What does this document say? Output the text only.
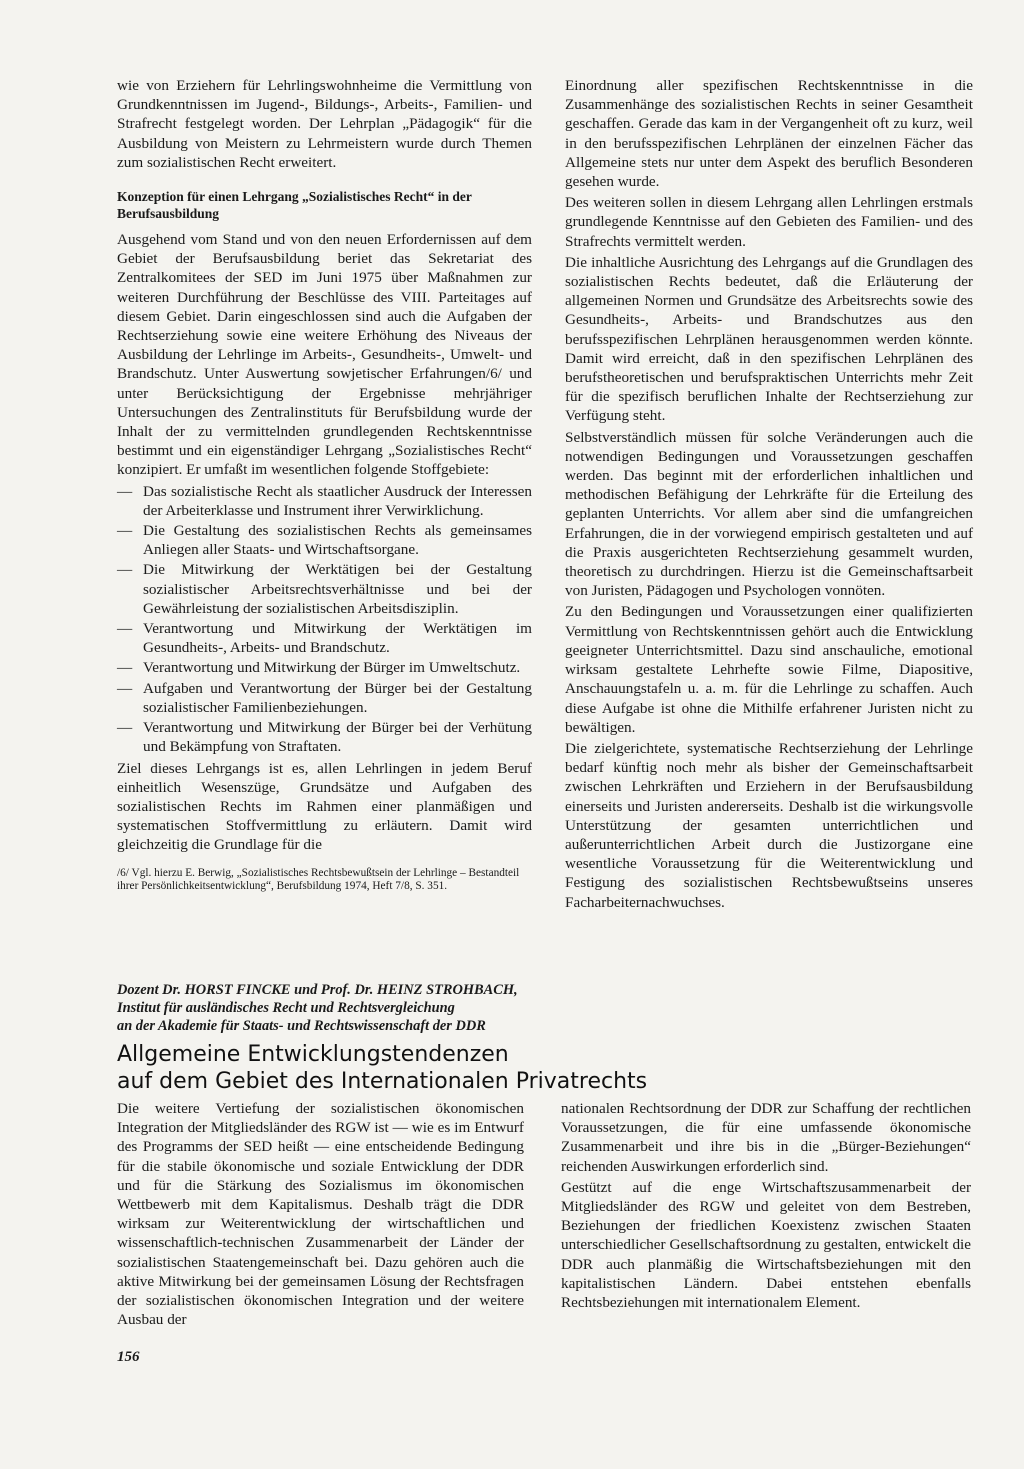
wie von Erziehern für Lehrlingswohnheime die Vermittlung von Grundkenntnissen im Jugend-, Bildungs-, Arbeits-, Familien- und Strafrecht festgelegt worden. Der Lehrplan „Pädagogik“ für die Ausbildung von Meistern zu Lehrmeistern wurde durch Themen zum sozialistischen Recht erweitert.

Konzeption für einen Lehrgang „Sozialistisches Recht“ in der Berufsausbildung

Ausgehend vom Stand und von den neuen Erfordernissen auf dem Gebiet der Berufsausbildung beriet das Sekretariat des Zentralkomitees der SED im Juni 1975 über Maßnahmen zur weiteren Durchführung der Beschlüsse des VIII. Parteitages auf diesem Gebiet. Darin eingeschlossen sind auch die Aufgaben der Rechtserziehung sowie eine weitere Erhöhung des Niveaus der Ausbildung der Lehrlinge im Arbeits-, Gesundheits-, Umwelt- und Brandschutz. Unter Auswertung sowjetischer Erfahrungen/6/ und unter Berücksichtigung der Ergebnisse mehrjähriger Untersuchungen des Zentralinstituts für Berufsbildung wurde der Inhalt der zu vermittelnden grundlegenden Rechtskenntnisse bestimmt und ein eigenständiger Lehrgang „Sozialistisches Recht“ konzipiert. Er umfaßt im wesentlichen folgende Stoffgebiete:

— Das sozialistische Recht als staatlicher Ausdruck der Interessen der Arbeiterklasse und Instrument ihrer Verwirklichung.
— Die Gestaltung des sozialistischen Rechts als gemeinsames Anliegen aller Staats- und Wirtschaftsorgane.
— Die Mitwirkung der Werktätigen bei der Gestaltung sozialistischer Arbeitsrechtsverhältnisse und bei der Gewährleistung der sozialistischen Arbeitsdisziplin.
— Verantwortung und Mitwirkung der Werktätigen im Gesundheits-, Arbeits- und Brandschutz.
— Verantwortung und Mitwirkung der Bürger im Umweltschutz.
— Aufgaben und Verantwortung der Bürger bei der Gestaltung sozialistischer Familienbeziehungen.
— Verantwortung und Mitwirkung der Bürger bei der Verhütung und Bekämpfung von Straftaten.

Ziel dieses Lehrgangs ist es, allen Lehrlingen in jedem Beruf einheitlich Wesenszüge, Grundsätze und Aufgaben des sozialistischen Rechts im Rahmen einer planmäßigen und systematischen Stoffvermittlung zu erläutern. Damit wird gleichzeitig die Grundlage für die

/6/ Vgl. hierzu E. Berwig, „Sozialistisches Rechtsbewußtsein der Lehrlinge – Bestandteil ihrer Persönlichkeitsentwicklung“, Berufsbildung 1974, Heft 7/8, S. 351.

Einordnung aller spezifischen Rechtskenntnisse in die Zusammenhänge des sozialistischen Rechts in seiner Gesamtheit geschaffen. Gerade das kam in der Vergangenheit oft zu kurz, weil in den berufsspezifischen Lehrplänen der einzelnen Fächer das Allgemeine stets nur unter dem Aspekt des beruflich Besonderen gesehen wurde.

Des weiteren sollen in diesem Lehrgang allen Lehrlingen erstmals grundlegende Kenntnisse auf den Gebieten des Familien- und des Strafrechts vermittelt werden.

Die inhaltliche Ausrichtung des Lehrgangs auf die Grundlagen des sozialistischen Rechts bedeutet, daß die Erläuterung der allgemeinen Normen und Grundsätze des Arbeitsrechts sowie des Gesundheits-, Arbeits- und Brandschutzes aus den berufsspezifischen Lehrplänen herausgenommen werden könnte. Damit wird erreicht, daß in den spezifischen Lehrplänen des berufstheoretischen und berufspraktischen Unterrichts mehr Zeit für die spezifisch beruflichen Inhalte der Rechtserziehung zur Verfügung steht.

Selbstverständlich müssen für solche Veränderungen auch die notwendigen Bedingungen und Voraussetzungen geschaffen werden. Das beginnt mit der erforderlichen inhaltlichen und methodischen Befähigung der Lehrkräfte für die Erteilung des geplanten Unterrichts. Vor allem aber sind die umfangreichen Erfahrungen, die in der vorwiegend empirisch gestalteten und auf die Praxis ausgerichteten Rechtserziehung gesammelt wurden, theoretisch zu durchdringen. Hierzu ist die Gemeinschaftsarbeit von Juristen, Pädagogen und Psychologen vonnöten.

Zu den Bedingungen und Voraussetzungen einer qualifizierten Vermittlung von Rechtskenntnissen gehört auch die Entwicklung geeigneter Unterrichtsmittel. Dazu sind anschauliche, emotional wirksam gestaltete Lehrhefte sowie Filme, Diapositive, Anschauungstafeln u. a. m. für die Lehrlinge zu schaffen. Auch diese Aufgabe ist ohne die Mithilfe erfahrener Juristen nicht zu bewältigen.

Die zielgerichtete, systematische Rechtserziehung der Lehrlinge bedarf künftig noch mehr als bisher der Gemeinschaftsarbeit zwischen Lehrkräften und Erziehern in der Berufsausbildung einerseits und Juristen andererseits. Deshalb ist die wirkungsvolle Unterstützung der gesamten unterrichtlichen und außerunterrichtlichen Arbeit durch die Justizorgane eine wesentliche Voraussetzung für die Weiterentwicklung und Festigung des sozialistischen Rechtsbewußtseins unseres Facharbeiternachwuchses.

Dozent Dr. HORST FINCKE und Prof. Dr. HEINZ STROHBACH,
Institut für ausländisches Recht und Rechtsvergleichung
an der Akademie für Staats- und Rechtswissenschaft der DDR
Allgemeine Entwicklungstendenzen
auf dem Gebiet des Internationalen Privatrechts

Die weitere Vertiefung der sozialistischen ökonomischen Integration der Mitgliedsländer des RGW ist — wie es im Entwurf des Programms der SED heißt — eine entscheidende Bedingung für die stabile ökonomische und soziale Entwicklung der DDR und für die Stärkung des Sozialismus im ökonomischen Wettbewerb mit dem Kapitalismus. Deshalb trägt die DDR wirksam zur Weiterentwicklung der wirtschaftlichen und wissenschaftlich-technischen Zusammenarbeit der Länder der sozialistischen Staatengemeinschaft bei. Dazu gehören auch die aktive Mitwirkung bei der gemeinsamen Lösung der Rechtsfragen der sozialistischen ökonomischen Integration und der weitere Ausbau der

nationalen Rechtsordnung der DDR zur Schaffung der rechtlichen Voraussetzungen, die für eine umfassende ökonomische Zusammenarbeit und ihre bis in die „Bürger-Beziehungen“ reichenden Auswirkungen erforderlich sind.

Gestützt auf die enge Wirtschaftszusammenarbeit der Mitgliedsländer des RGW und geleitet von dem Bestreben, Beziehungen der friedlichen Koexistenz zwischen Staaten unterschiedlicher Gesellschaftsordnung zu gestalten, entwickelt die DDR auch planmäßig die Wirtschaftsbeziehungen mit den kapitalistischen Ländern. Dabei entstehen ebenfalls Rechtsbeziehungen mit internationalem Element.

156
